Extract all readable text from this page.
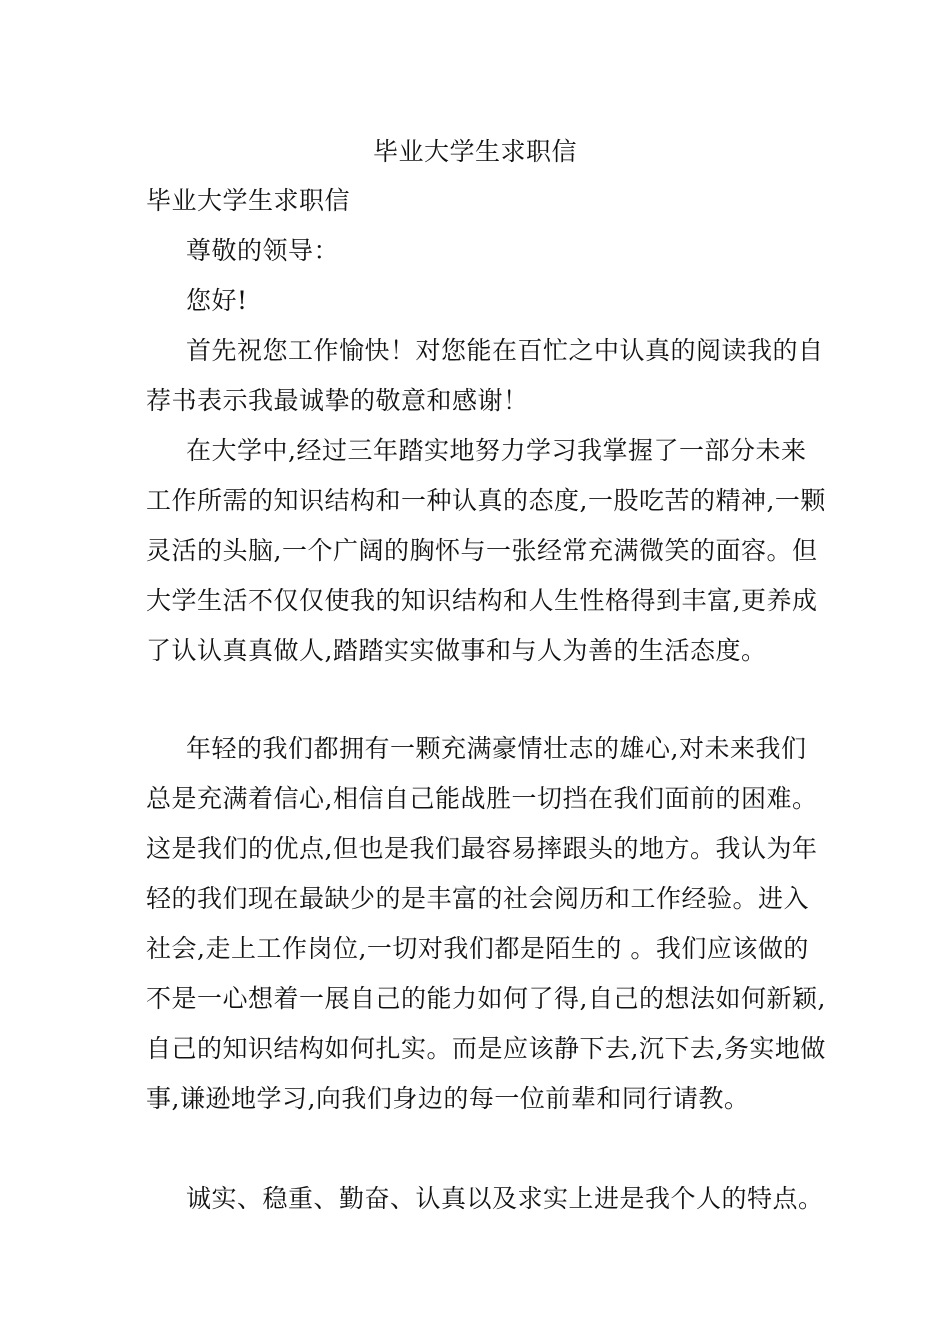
毕业大学生求职信

毕业大学生求职信

尊敬的领导：

您好!

首先祝您工作愉快！对您能在百忙之中认真的阅读我的自荐书表示我最诚挚的敬意和感谢！

在大学中,经过三年踏实地努力学习我掌握了一部分未来工作所需的知识结构和一种认真的态度,一股吃苦的精神,一颗灵活的头脑,一个广阔的胸怀与一张经常充满微笑的面容。但大学生活不仅仅使我的知识结构和人生性格得到丰富,更养成了认认真真做人,踏踏实实做事和与人为善的生活态度。

年轻的我们都拥有一颗充满豪情壮志的雄心,对未来我们总是充满着信心,相信自己能战胜一切挡在我们面前的困难。这是我们的优点,但也是我们最容易摔跟头的地方。我认为年轻的我们现在最缺少的是丰富的社会阅历和工作经验。进入社会,走上工作岗位,一切对我们都是陌生的 。我们应该做的不是一心想着一展自己的能力如何了得,自己的想法如何新颖,自己的知识结构如何扎实。而是应该静下去,沉下去,务实地做事,谦逊地学习,向我们身边的每一位前辈和同行请教。

诚实、稳重、勤奋、认真以及求实上进是我个人的特点。
